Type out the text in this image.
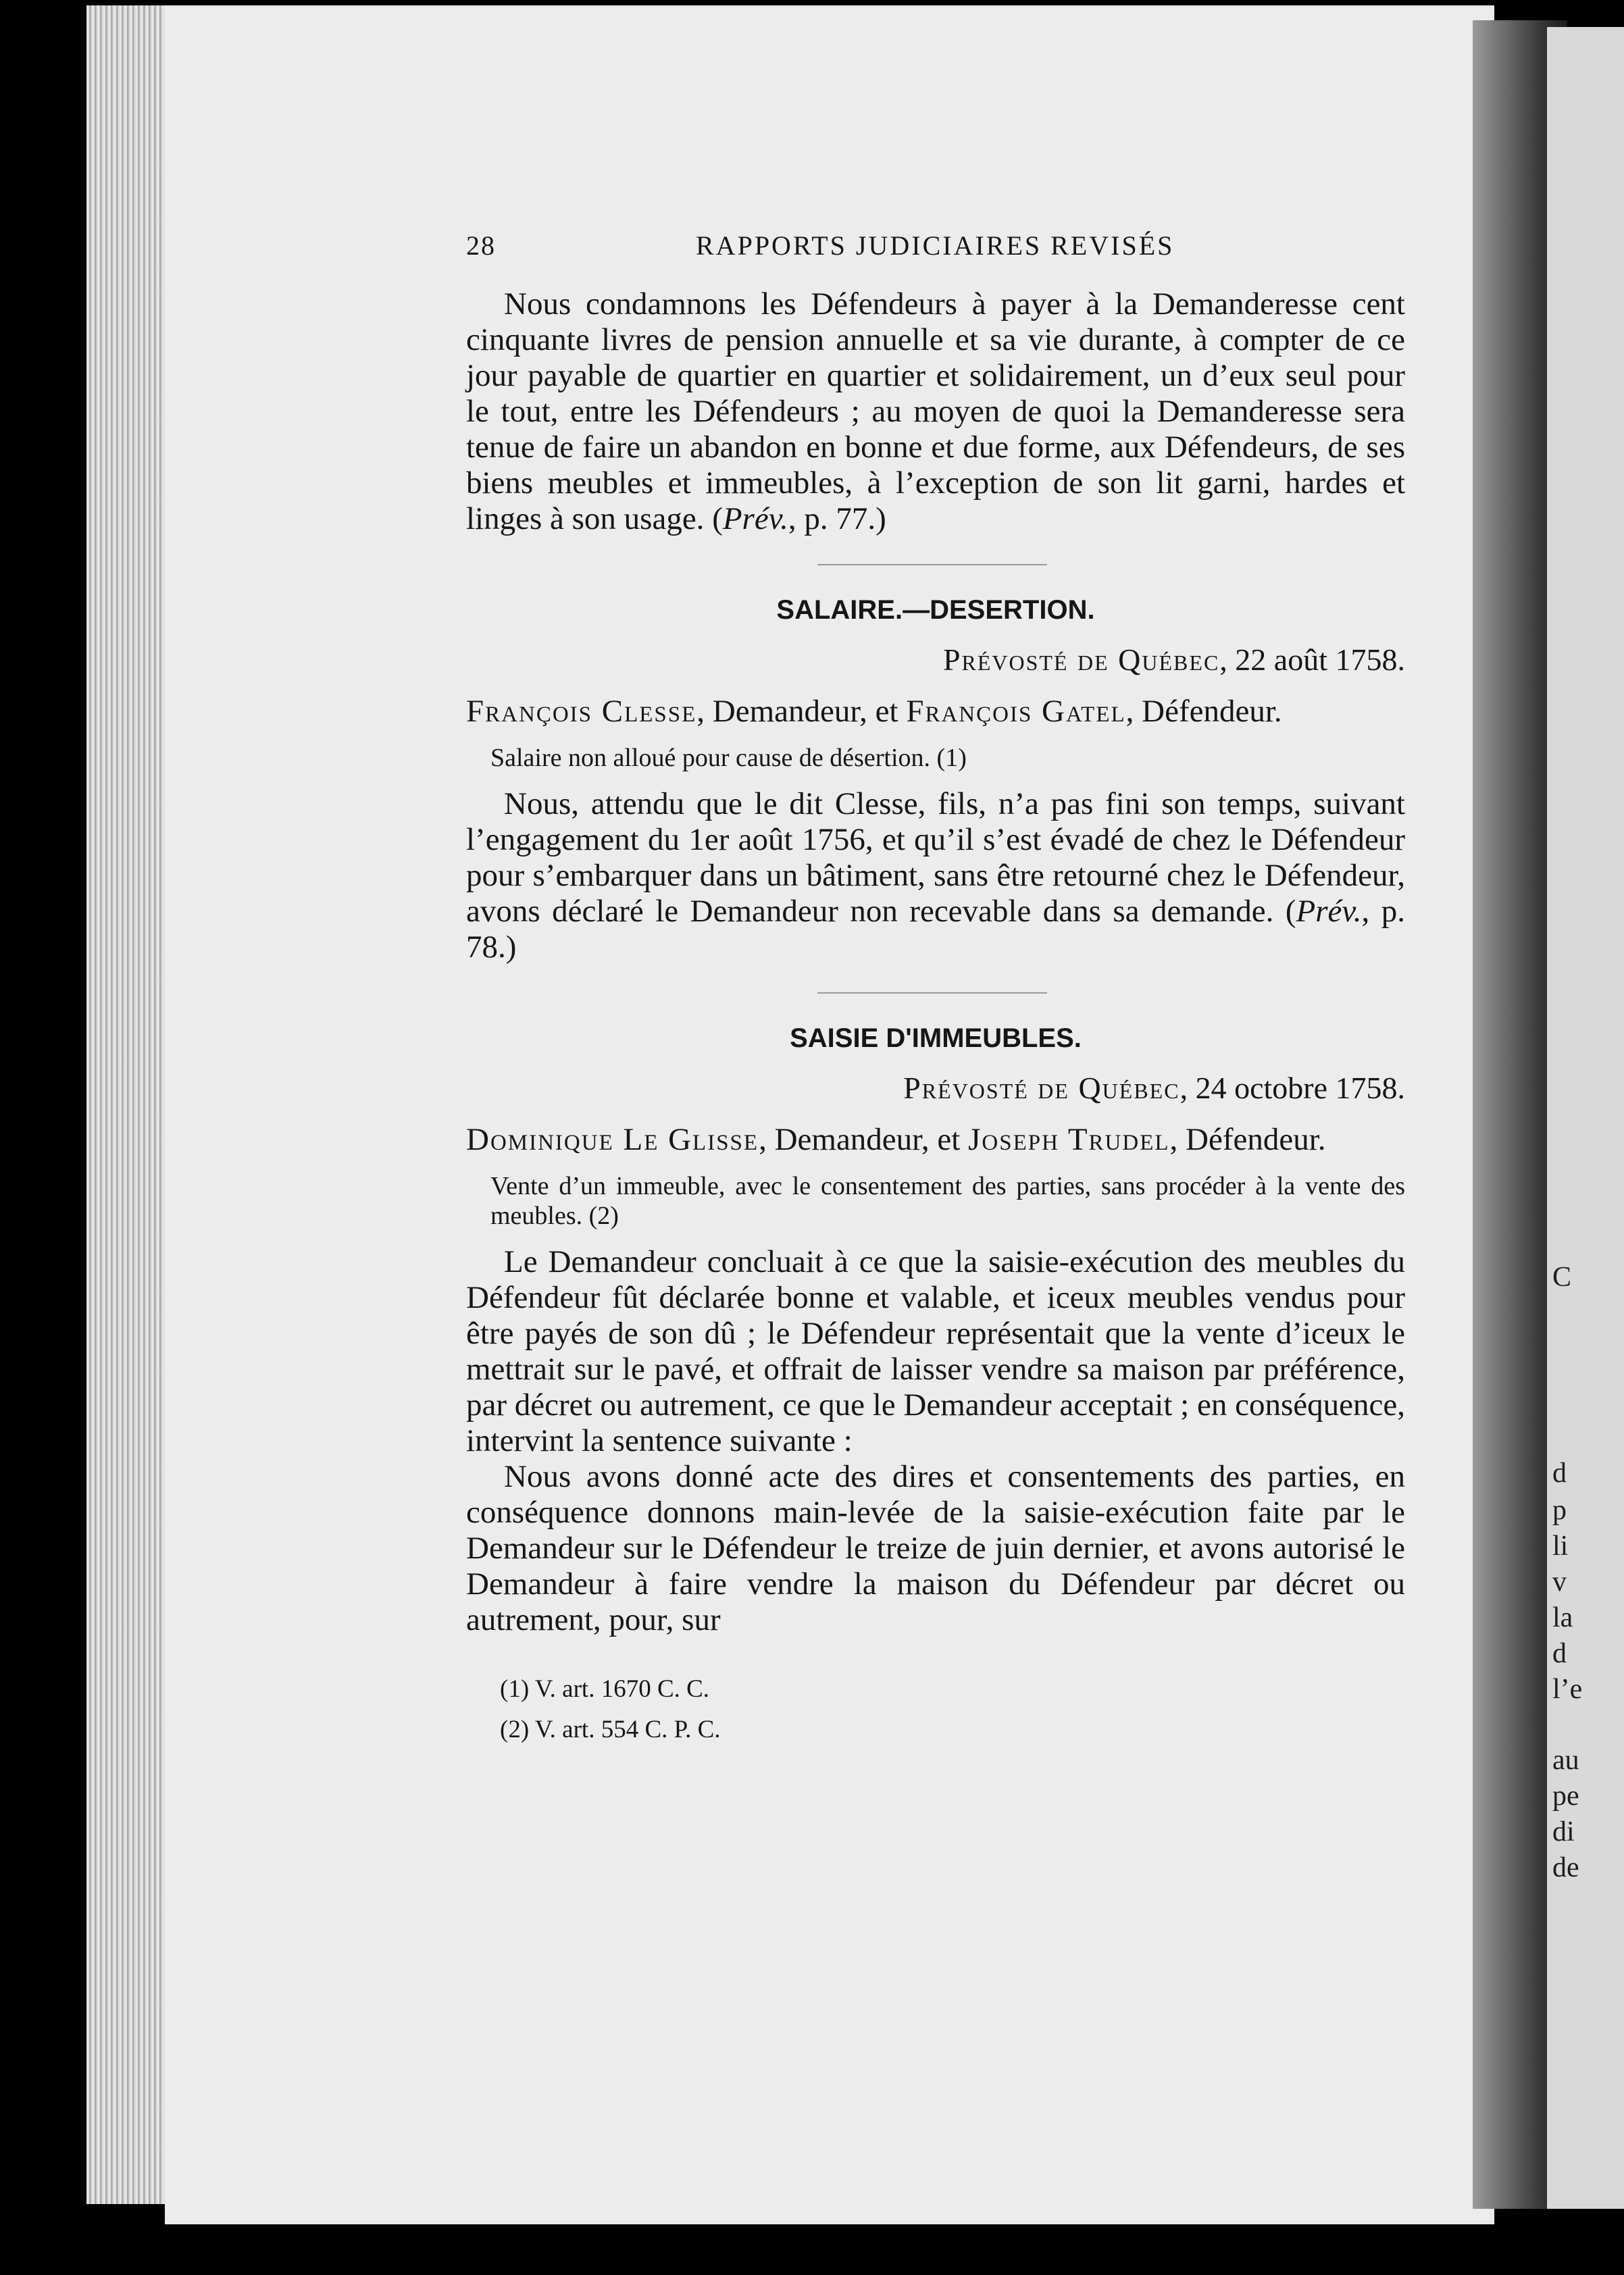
C
d
p
li
v
la
d
l’e
au
pe
di
de
28	RAPPORTS JUDICIAIRES REVISÉS

Nous condamnons les Défendeurs à payer à la Demanderesse cent cinquante livres de pension annuelle et sa vie durante, à compter de ce jour payable de quartier en quartier et solidairement, un d’eux seul pour le tout, entre les Défendeurs ; au moyen de quoi la Demanderesse sera tenue de faire un abandon en bonne et due forme, aux Défendeurs, de ses biens meubles et immeubles, à l’exception de son lit garni, hardes et linges à son usage. (Prév., p. 77.)

SALAIRE.—DESERTION.
Prévosté de Québec, 22 août 1758.
François Clesse, Demandeur, et François Gatel, Défendeur.
Salaire non alloué pour cause de désertion. (1)

Nous, attendu que le dit Clesse, fils, n’a pas fini son temps, suivant l’engagement du 1er août 1756, et qu’il s’est évadé de chez le Défendeur pour s’embarquer dans un bâtiment, sans être retourné chez le Défendeur, avons déclaré le Demandeur non recevable dans sa demande. (Prév., p. 78.)

SAISIE D'IMMEUBLES.
Prévosté de Québec, 24 octobre 1758.
Dominique Le Glisse, Demandeur, et Joseph Trudel, Défendeur.
Vente d’un immeuble, avec le consentement des parties, sans procéder à la vente des meubles. (2)

Le Demandeur concluait à ce que la saisie-exécution des meubles du Défendeur fût déclarée bonne et valable, et iceux meubles vendus pour être payés de son dû ; le Défendeur représentait que la vente d’iceux le mettrait sur le pavé, et offrait de laisser vendre sa maison par préférence, par décret ou autrement, ce que le Demandeur acceptait ; en conséquence, intervint la sentence suivante :

Nous avons donné acte des dires et consentements des parties, en conséquence donnons main-levée de la saisie-exécution faite par le Demandeur sur le Défendeur le treize de juin dernier, et avons autorisé le Demandeur à faire vendre la maison du Défendeur par décret ou autrement, pour, sur

(1) V. art. 1670 C. C.
(2) V. art. 554 C. P. C.
